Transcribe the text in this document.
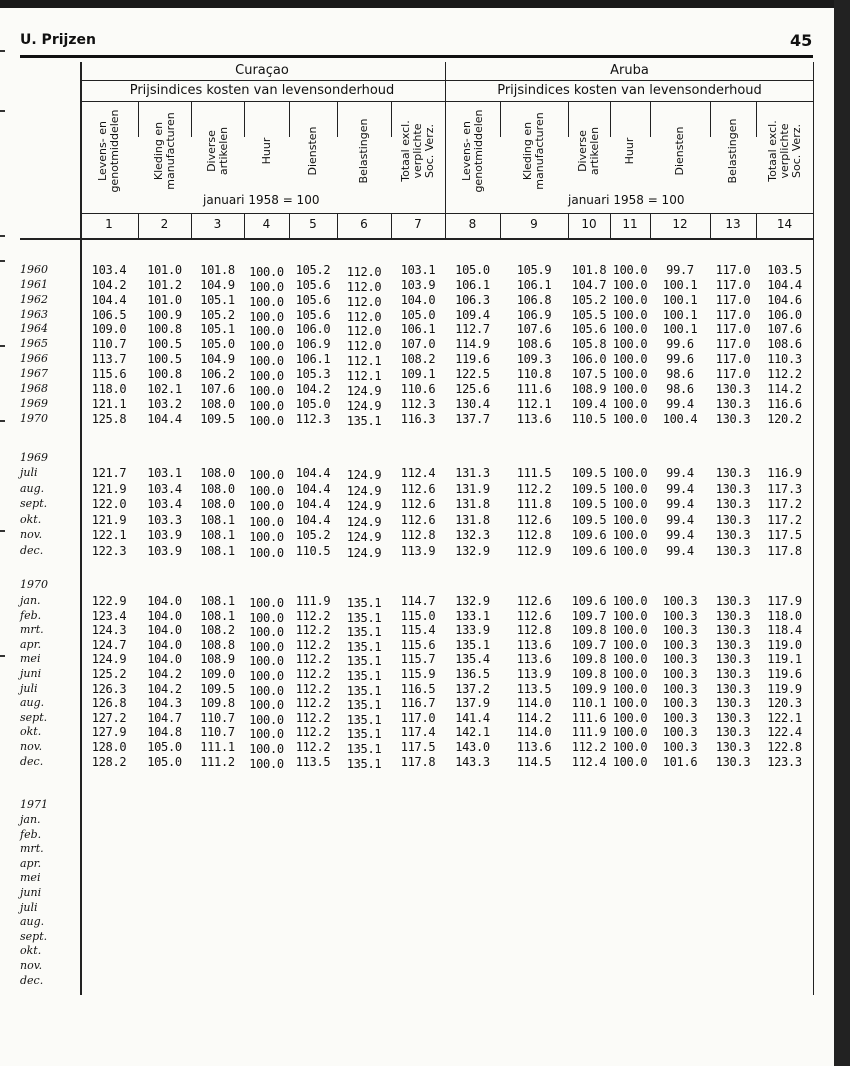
U. Prijzen	45
Curaçao
Prijsindices kosten van levensonderhoud
Aruba
Prijsindices kosten van levensonderhoud
januari 1958 = 100	januari 1958 = 100
Levens- en genotmiddelen
1
Kleding en manufacturen
2
Diverse artikelen
3
Huur
4
Diensten
5
Belastingen
6
Totaal excl. verplichte Soc. Verz.
7
Levens- en genotmiddelen
8
Kleding en manufacturen
9
Diverse artikelen
10
Huur
11
Diensten
12
Belastingen
13
Totaal excl. verplichte Soc. Verz.
14
1960	103.4	101.0	101.8	100.0 105.2	112.0	103.1	105.0	105.9	101.8 100.0	99.7	117.0	103.5
1961	104.2	101.2	104.9	100.0 105.6	112.0	103.9	106.1	106.1	104.7 100.0	100.1	117.0	104.4
1962	104.4	101.0	105.1	100.0 105.6	112.0	104.0	106.3	106.8	105.2 100.0	100.1	117.0	104.6
1963	106.5	100.9	105.2	100.0 105.6	112.0	105.0	109.4	106.9	105.5 100.0	100.1	117.0	106.0
1964	109.0	100.8	105.1	100.0 106.0	112.0	106.1	112.7	107.6	105.6 100.0	100.1	117.0	107.6
1965	110.7	100.5	105.0	100.0 106.9	112.0	107.0	114.9	108.6	105.8 100.0	99.6	117.0	108.6
1966	113.7	100.5	104.9	100.0 106.1	112.1	108.2	119.6	109.3	106.0 100.0	99.6	117.0	110.3
1967	115.6	100.8	106.2	100.0 105.3	112.1	109.1	122.5	110.8	107.5 100.0	98.6	117.0	112.2
1968	118.0	102.1	107.6	100.0 104.2	124.9	110.6	125.6	111.6	108.9 100.0	98.6	130.3	114.2
1969	121.1	103.2	108.0	100.0 105.0	124.9	112.3	130.4	112.1	109.4 100.0	99.4	130.3	116.6
1970	125.8	104.4	109.5	100.0 112.3	135.1	116.3	137.7	113.6	110.5 100.0	100.4	130.3	120.2
1969
juli	121.7	103.1	108.0	100.0 104.4	124.9	112.4	131.3	111.5	109.5 100.0	99.4	130.3	116.9
aug.	121.9	103.4	108.0	100.0 104.4	124.9	112.6	131.9	112.2	109.5 100.0	99.4	130.3	117.3
sept.	122.0	103.4	108.0	100.0 104.4	124.9	112.6	131.8	111.8	109.5 100.0	99.4	130.3	117.2
okt.	121.9	103.3	108.1	100.0 104.4	124.9	112.6	131.8	112.6	109.5 100.0	99.4	130.3	117.2
nov.	122.1	103.9	108.1	100.0 105.2	124.9	112.8	132.3	112.8	109.6 100.0	99.4	130.3	117.5
dec.	122.3	103.9	108.1	100.0 110.5	124.9	113.9	132.9	112.9	109.6 100.0	99.4	130.3	117.8
1970
jan.	122.9	104.0	108.1	100.0 111.9	135.1	114.7	132.9	112.6	109.6 100.0	100.3	130.3	117.9
feb.	123.4	104.0	108.1	100.0 112.2	135.1	115.0	133.1	112.6	109.7 100.0	100.3	130.3	118.0
mrt.	124.3	104.0	108.2	100.0 112.2	135.1	115.4	133.9	112.8	109.8 100.0	100.3	130.3	118.4
apr.	124.7	104.0	108.8	100.0 112.2	135.1	115.6	135.1	113.6	109.7 100.0	100.3	130.3	119.0
mei	124.9	104.0	108.9	100.0 112.2	135.1	115.7	135.4	113.6	109.8 100.0	100.3	130.3	119.1
juni	125.2	104.2	109.0	100.0 112.2	135.1	115.9	136.5	113.9	109.8 100.0	100.3	130.3	119.6
juli	126.3	104.2	109.5	100.0 112.2	135.1	116.5	137.2	113.5	109.9 100.0	100.3	130.3	119.9
aug.	126.8	104.3	109.8	100.0 112.2	135.1	116.7	137.9	114.0	110.1 100.0	100.3	130.3	120.3
sept.	127.2	104.7	110.7	100.0 112.2	135.1	117.0	141.4	114.2	111.6 100.0	100.3	130.3	122.1
okt.	127.9	104.8	110.7	100.0 112.2	135.1	117.4	142.1	114.0	111.9 100.0	100.3	130.3	122.4
nov.	128.0	105.0	111.1	100.0 112.2	135.1	117.5	143.0	113.6	112.2 100.0	100.3	130.3	122.8
dec.	128.2	105.0	111.2	100.0 113.5	135.1	117.8	143.3	114.5	112.4 100.0	101.6	130.3	123.3
1971
jan.
feb.
mrt.
apr.
mei
juni
juli
aug.
sept.
okt.
nov.
dec.
